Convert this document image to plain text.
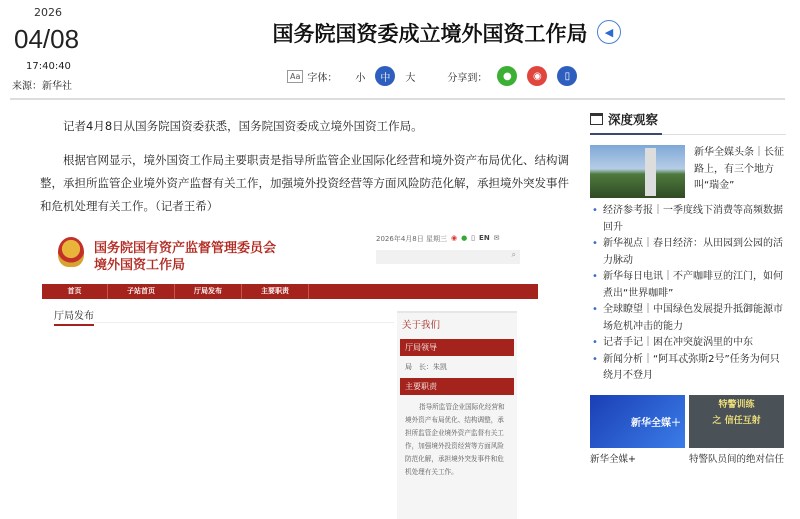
2026
04/08
17:40:40
来源：新华社
国务院国资委成立境外国资工作局	◀
Aa 字体： 小	中	大	分享到：	●	◉	▯
记者4月8日从国务院国资委获悉，国务院国资委成立境外国资工作局。
根据官网显示，境外国资工作局主要职责是指导所监管企业国际化经营和境外资产布局优化、结构调整，承担所监管企业境外资产监督有关工作，加强境外投资经营等方面风险防范化解，承担境外突发事件和危机处理有关工作。（记者王希）
国务院国有资产监督管理委员会
境外国资工作局
2026年4月8日 星期三 ◉ ● ▯ EN ✉
⌕
首页	子站首页	厅局发布	主要职责
厅局发布
关于我们
厅局领导
局　长：朱凯
主要职责
指导所监管企业国际化经营和境外资产布局优化、结构调整，承担所监管企业境外资产监督有关工作，加强境外投资经营等方面风险防范化解，承担境外突发事件和危机处理有关工作。
深度观察
新华全媒头条｜长征路上，有三个地方叫“瑞金”
• 经济参考报｜一季度线下消费等高频数据回升
• 新华视点｜春日经济：从田园到公园的活力脉动
• 新华每日电讯｜不产咖啡豆的江门，如何煮出“世界咖啡”
• 全球瞭望｜中国绿色发展提升抵御能源市场危机冲击的能力
• 记者手记｜困在冲突旋涡里的中东
• 新闻分析｜“阿耳忒弥斯2号”任务为何只绕月不登月
新华全媒＋
新华全媒+
特警训练
之 信任互射
特警队员间的绝对信任
